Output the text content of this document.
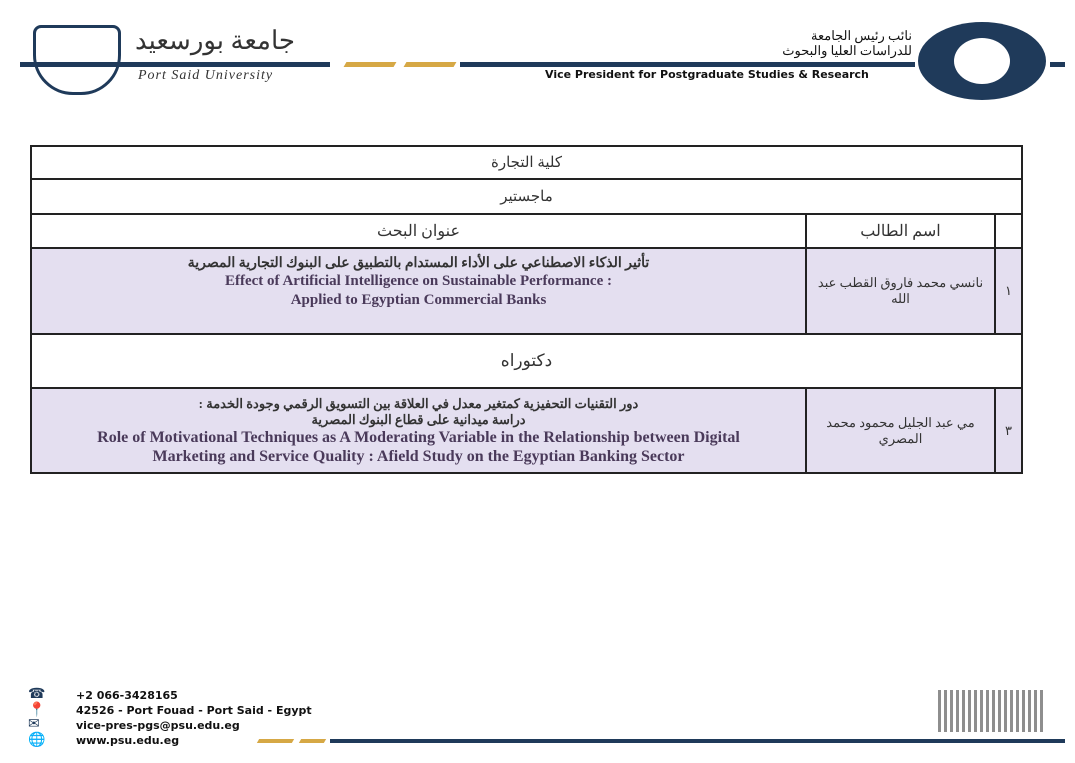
جامعة بورسعيد
Port Said University
نائب رئيس الجامعة
للدراسات العليا والبحوث
Vice President for Postgraduate Studies & Research
كلية التجارة		
ماجستير		
عنوان البحث	اسم الطالب	

تأثير الذكاء الاصطناعي على الأداء المستدام بالتطبيق على البنوك التجارية المصرية
Effect of Artificial Intelligence on Sustainable Performance :
Applied to Egyptian Commercial Banks	نانسي محمد فاروق القطب عبد الله	١
دكتوراه		

دور التقنيات التحفيزية كمتغير معدل في العلاقة بين التسويق الرقمي وجودة الخدمة :
دراسة ميدانية على قطاع البنوك المصرية
Role of Motivational Techniques as A Moderating Variable in the Relationship between Digital
Marketing and Service Quality : Afield Study on the Egyptian Banking Sector	مي عبد الجليل محمود محمد المصري	٣
☎	+2 066-3428165
📍	42526 - Port Fouad - Port Said - Egypt
✉	vice-pres-pgs@psu.edu.eg
🌐	www.psu.edu.eg
